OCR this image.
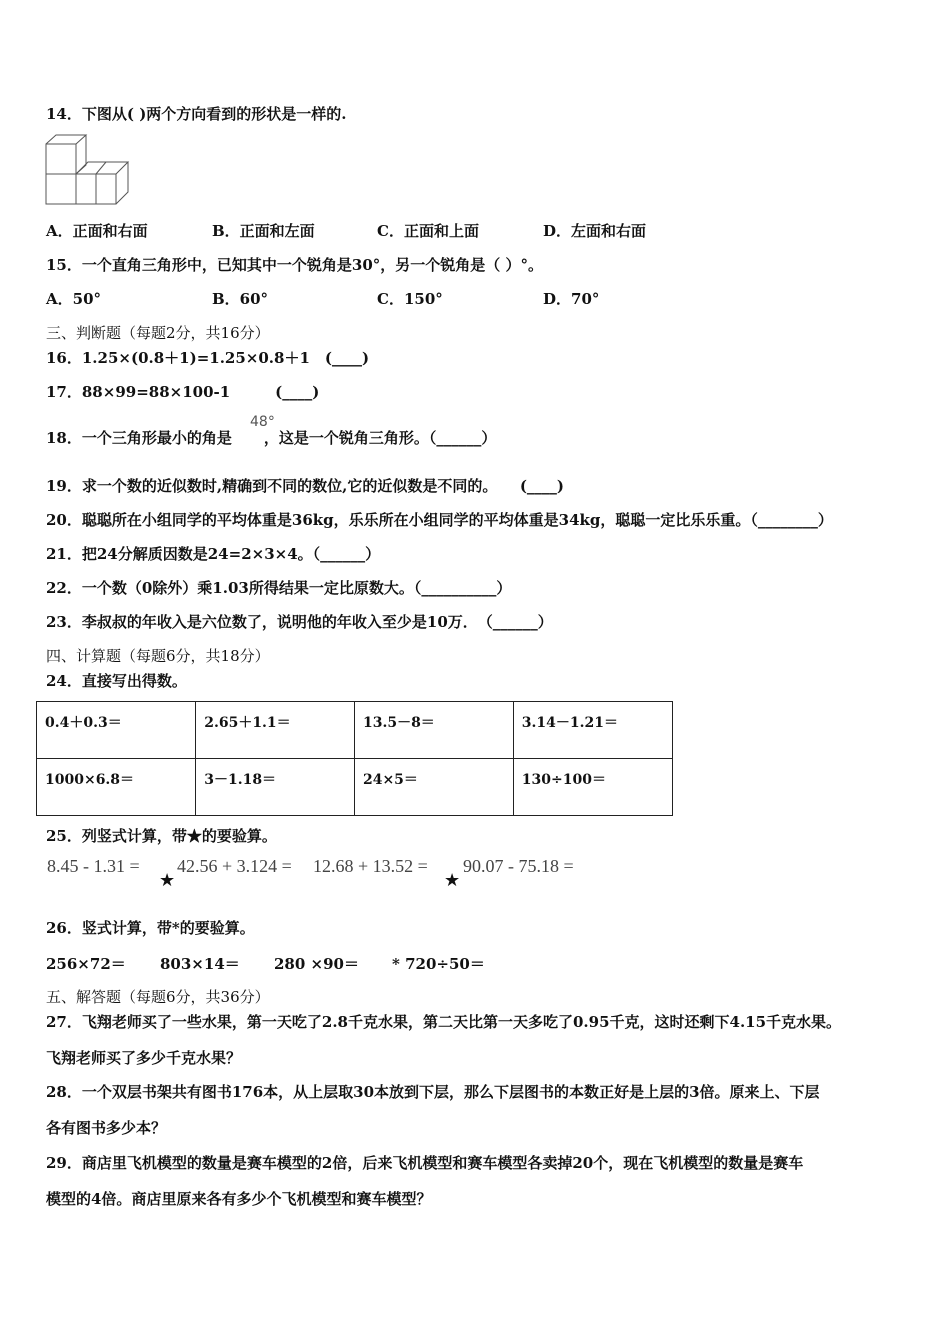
14．下图从( )两个方向看到的形状是一样的.
A．正面和右面	B．正面和左面	C．正面和上面	D．左面和右面
15．一个直角三角形中，已知其中一个锐角是30°，另一个锐角是（ ）°。
A．50°	B．60°	C．150°	D．70°
三、判断题（每题2分，共16分）
16．1.25×(0.8＋1)=1.25×0.8＋1　(____)
17．88×99=88×100-1　　　(____)
18．一个三角形最小的角是 ，这是一个锐角三角形。（______）
48°
19．求一个数的近似数时,精确到不同的数位,它的近似数是不同的。　　(____)
20．聪聪所在小组同学的平均体重是36kg，乐乐所在小组同学的平均体重是34kg，聪聪一定比乐乐重。（________）
21．把24分解质因数是24=2×3×4。（______）
22．一个数（0除外）乘1.03所得结果一定比原数大。（__________）
23．李叔叔的年收入是六位数了，说明他的年收入至少是10万．　（______）
四、计算题（每题6分，共18分）
24．直接写出得数。
0.4＋0.3＝	2.65＋1.1＝	13.5－8＝	3.14－1.21＝
1000×6.8＝	3－1.18＝	24×5＝	130÷100＝
25．列竖式计算，带★的要验算。
8.45 - 1.31 =
★
42.56 + 3.124 = 12.68 + 13.52 =
★
90.07 - 75.18 =
26．竖式计算，带*的要验算。
256×72＝ 803×14＝ 280 ×90＝ * 720÷50＝
五、解答题（每题6分，共36分）
27．飞翔老师买了一些水果，第一天吃了2.8千克水果，第二天比第一天多吃了0.95千克，这时还剩下4.15千克水果。
飞翔老师买了多少千克水果？
28．一个双层书架共有图书176本，从上层取30本放到下层，那么下层图书的本数正好是上层的3倍。原来上、下层
各有图书多少本？
29．商店里飞机模型的数量是赛车模型的2倍，后来飞机模型和赛车模型各卖掉20个，现在飞机模型的数量是赛车
模型的4倍。商店里原来各有多少个飞机模型和赛车模型？
